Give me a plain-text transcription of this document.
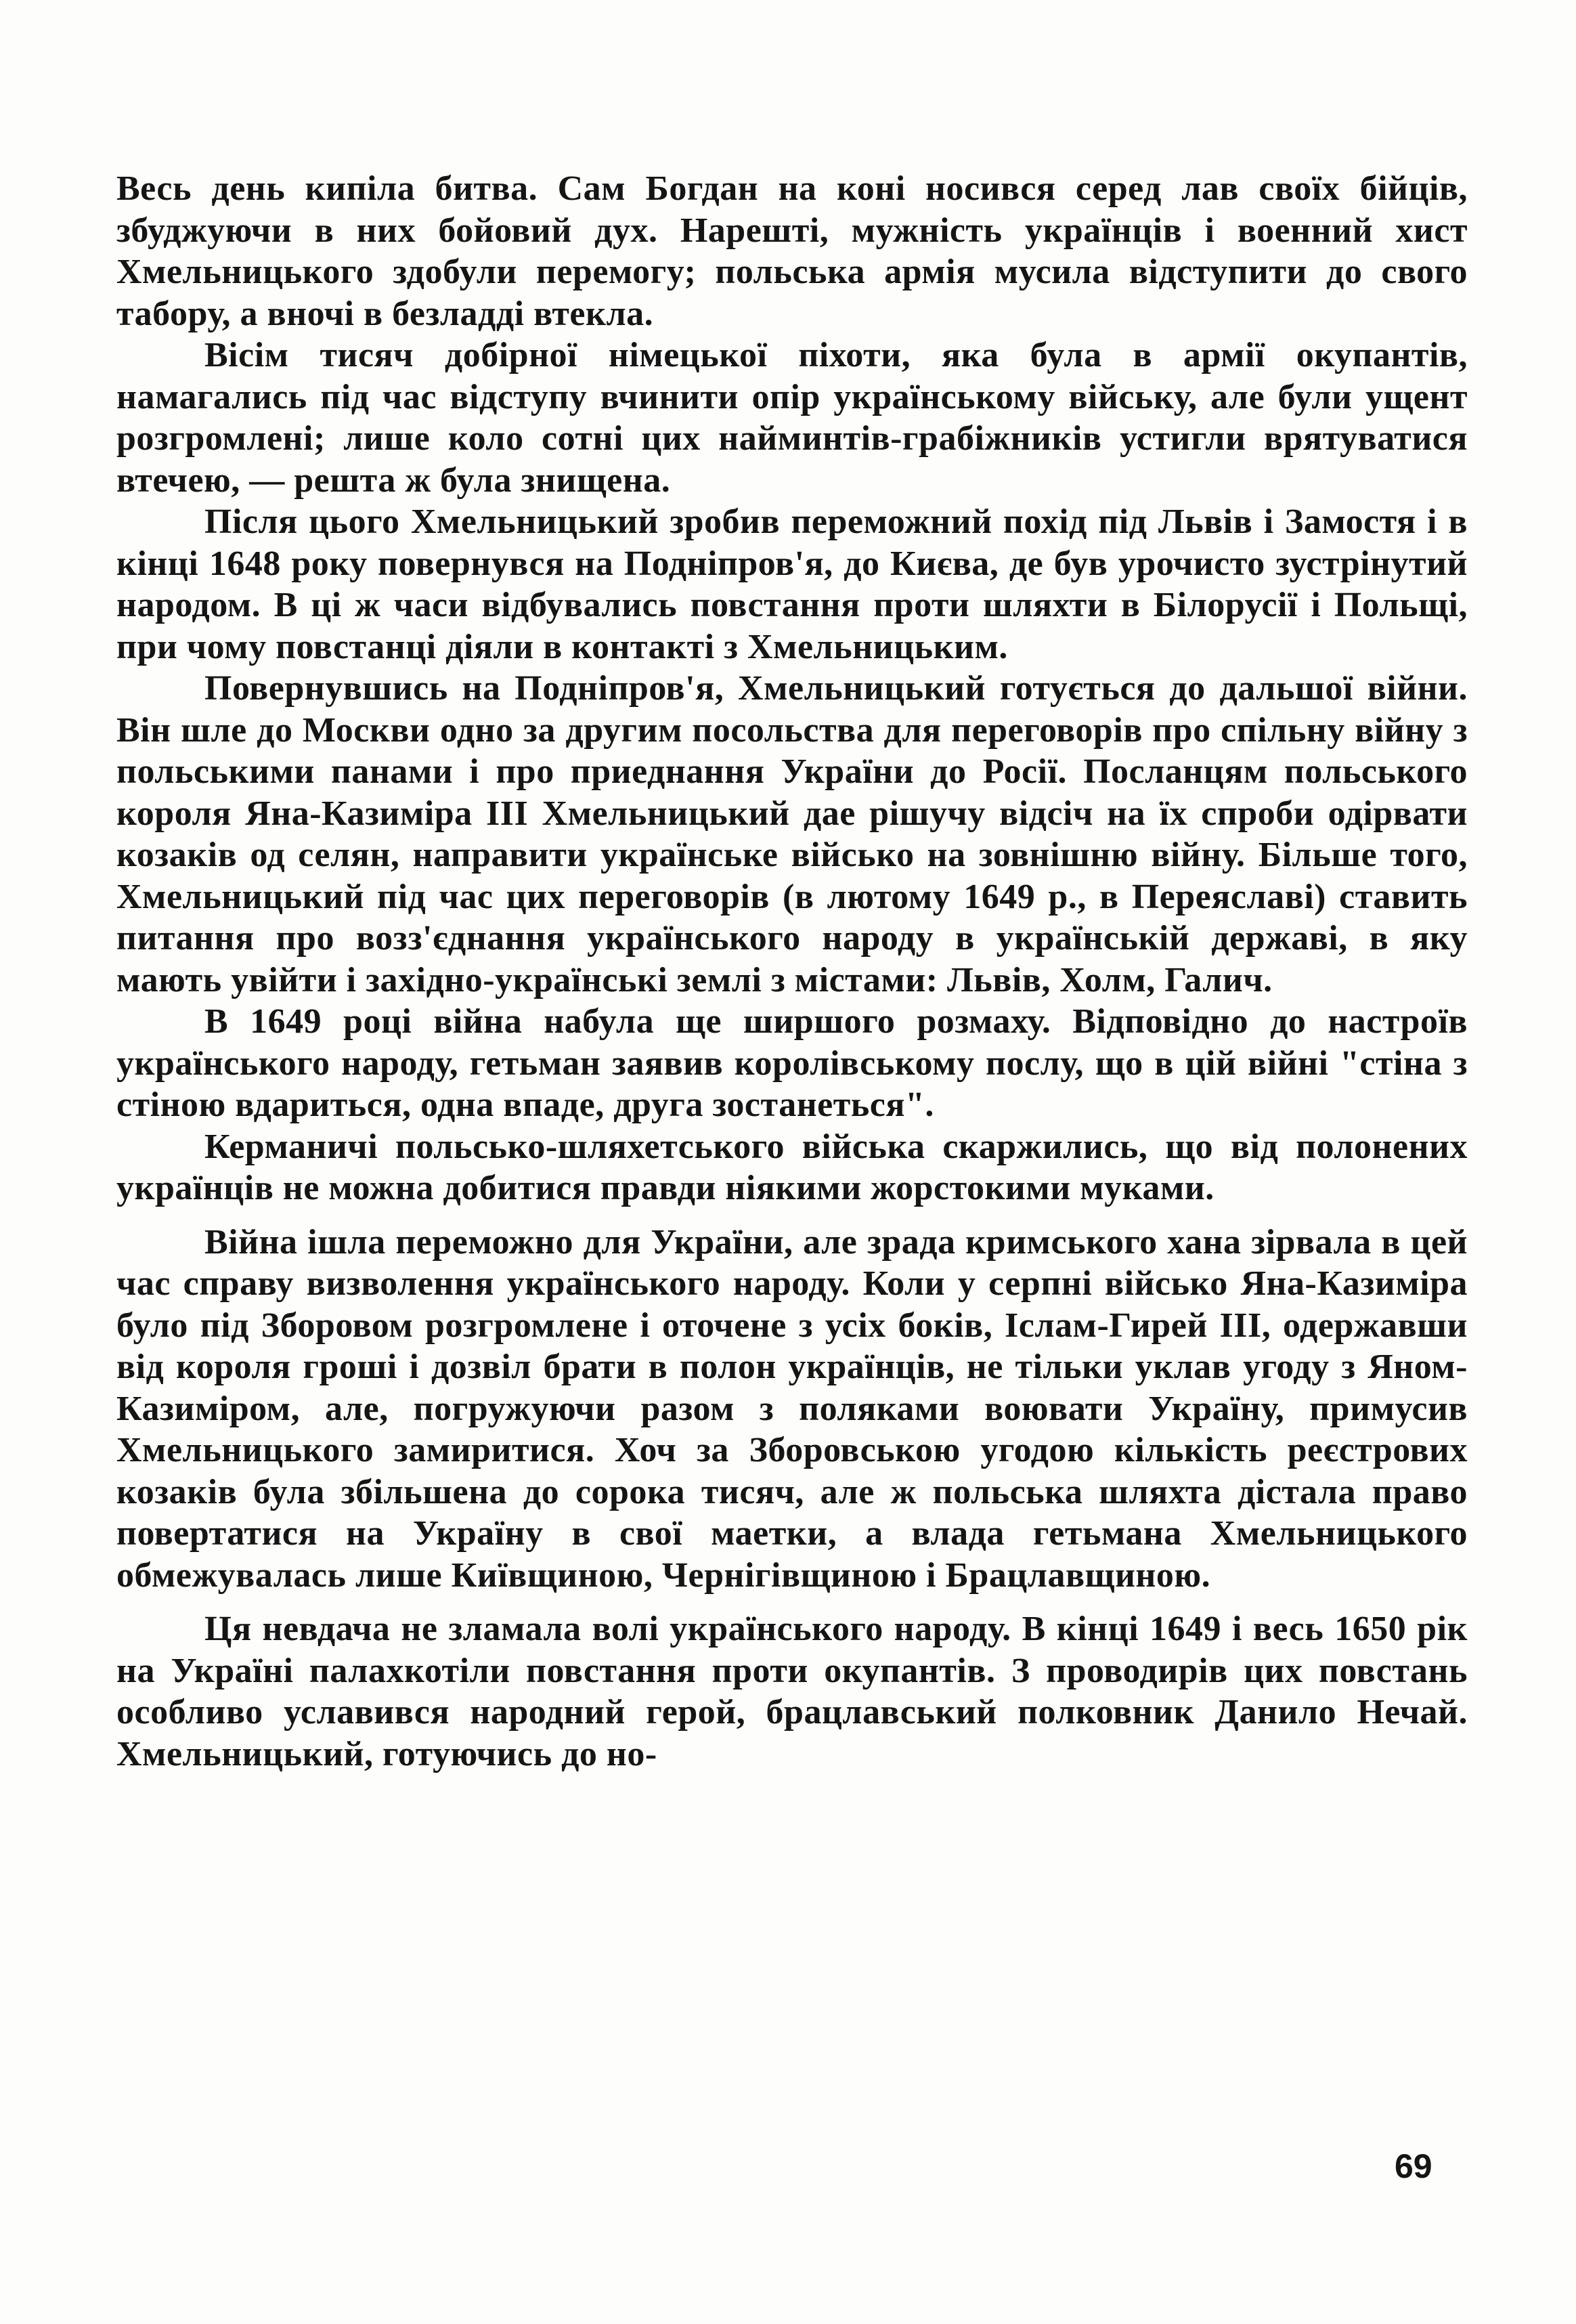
Весь день кипіла битва. Сам Богдан на коні носився серед лав своїх бійців, збуджуючи в них бойовий дух. Нарешті, мужність українців і военний хист Хмельницького здобули перемогу; польська армія мусила відступити до свого табору, а вночі в безладді втекла.

Вісім тисяч добірної німецької піхоти, яка була в армії окупантів, намагались під час відступу вчинити опір українському війську, але були ущент розгромлені; лише коло сотні цих найминтів-грабіжників устигли врятуватися втечею, — решта ж була знищена.

Після цього Хмельницький зробив переможний похід під Львів і Замостя і в кінці 1648 року повернувся на Подніпров'я, до Києва, де був урочисто зустрінутий народом. В ці ж часи відбувались повстання проти шляхти в Білорусії і Польщі, при чому повстанці діяли в контакті з Хмельницьким.

Повернувшись на Подніпров'я, Хмельницький готується до дальшої війни. Він шле до Москви одно за другим посольства для переговорів про спільну війну з польськими панами і про приеднання України до Росії. Посланцям польського короля Яна-Казиміра III Хмельницький дае рішучу відсіч на їх спроби одірвати козаків од селян, направити українське військо на зовнішню війну. Більше того, Хмельницький під час цих переговорів (в лютому 1649 р., в Переяславі) ставить питання про возз'єднання українського народу в українській державі, в яку мають увійти і західно-українські землі з містами: Львів, Холм, Галич.

В 1649 році війна набула ще ширшого розмаху. Відповідно до настроїв українського народу, гетьман заявив королівському послу, що в цій війні "стіна з стіною вдариться, одна впаде, друга зостанеться".

Керманичі польсько-шляхетського війська скаржились, що від полонених українців не можна добитися правди ніякими жорстокими муками.

Війна ішла переможно для України, але зрада кримського хана зірвала в цей час справу визволення українського народу. Коли у серпні військо Яна-Казиміра було під Зборовом розгромлене і оточене з усіх боків, Іслам-Гирей III, одержавши від короля гроші і дозвіл брати в полон українців, не тільки уклав угоду з Яном-Казиміром, але, погружуючи разом з поляками воювати Україну, примусив Хмельницького замиритися. Хоч за Зборовською угодою кількість реєстрових козаків була збільшена до сорока тисяч, але ж польська шляхта дістала право повертатися на Україну в свої маетки, а влада гетьмана Хмельницького обмежувалась лише Київщиною, Чернігівщиною і Брацлавщиною.

Ця невдача не зламала волі українського народу. В кінці 1649 і весь 1650 рік на Україні палахкотіли повстання проти окупантів. З проводирів цих повстань особливо уславився народний герой, брацлавський полковник Данило Нечай. Хмельницький, готуючись до но-

69
